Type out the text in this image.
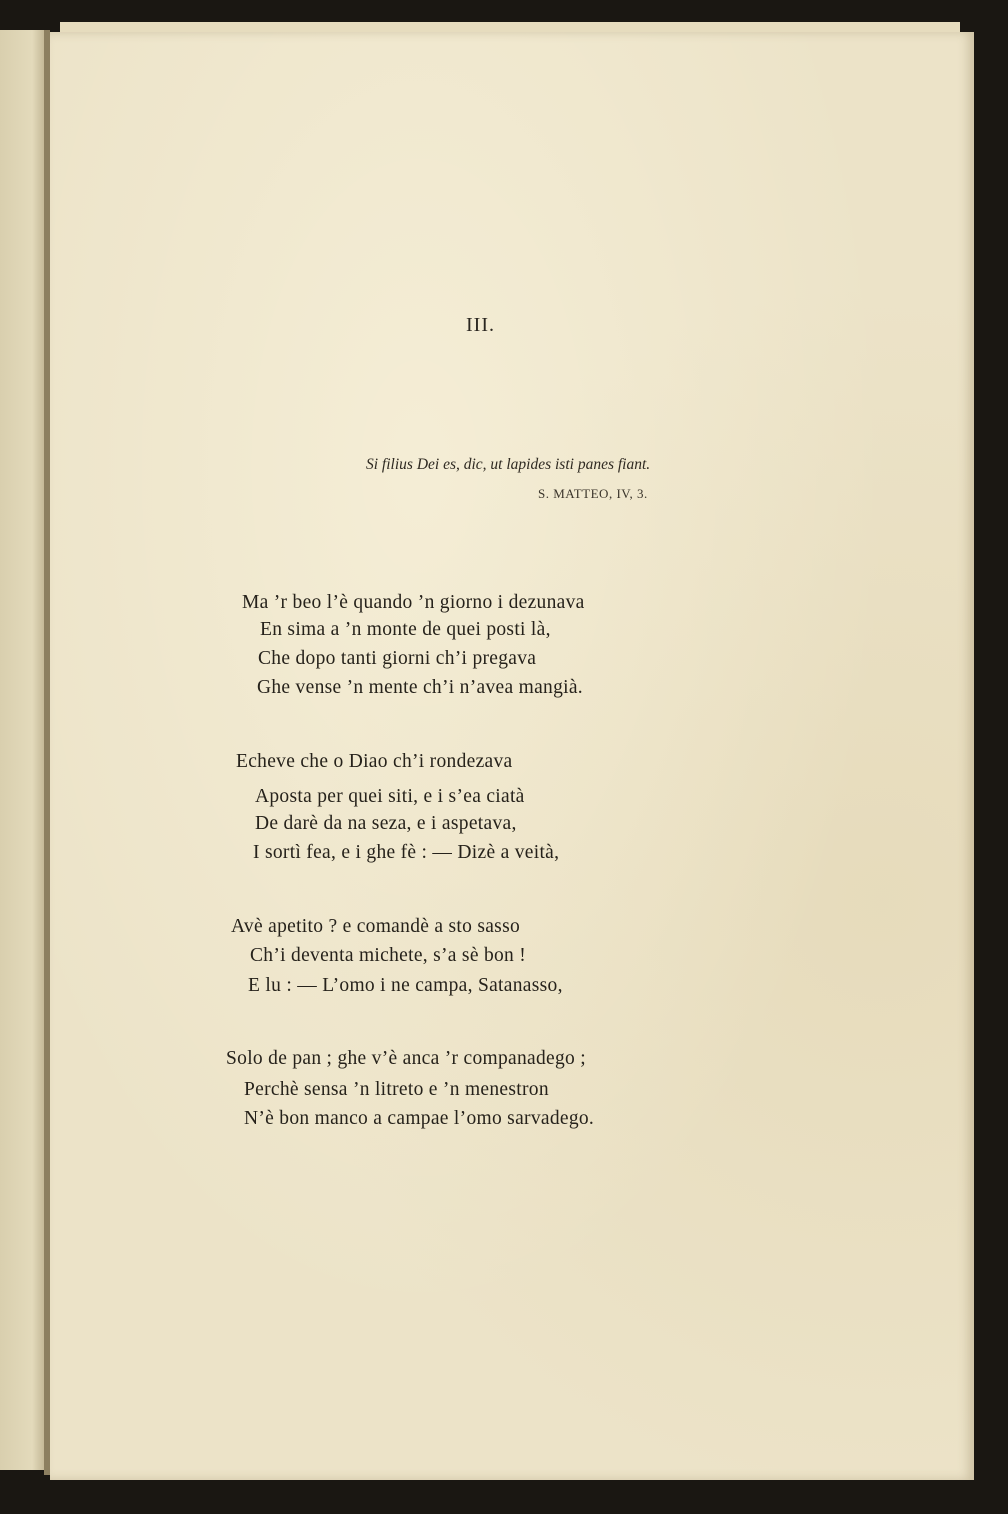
III.
Si filius Dei es, dic, ut lapides isti panes fiant.
S. MATTEO, IV, 3.
Ma ’r beo l’è quando ’n giorno i dezunava
En sima a ’n monte de quei posti là,
Che dopo tanti giorni ch’i pregava
Ghe vense ’n mente ch’i n’avea mangià.
Echeve che o Diao ch’i rondezava
Aposta per quei siti, e i s’ea ciatà
De darè da na seza, e i aspetava,
I sortì fea, e i ghe fè : — Dizè a veità,
Avè apetito ? e comandè a sto sasso
Ch’i deventa michete, s’a sè bon !
E lu : — L’omo i ne campa, Satanasso,
Solo de pan ; ghe v’è anca ’r companadego ;
Perchè sensa ’n litreto e ’n menestron
N’è bon manco a campae l’omo sarvadego.
